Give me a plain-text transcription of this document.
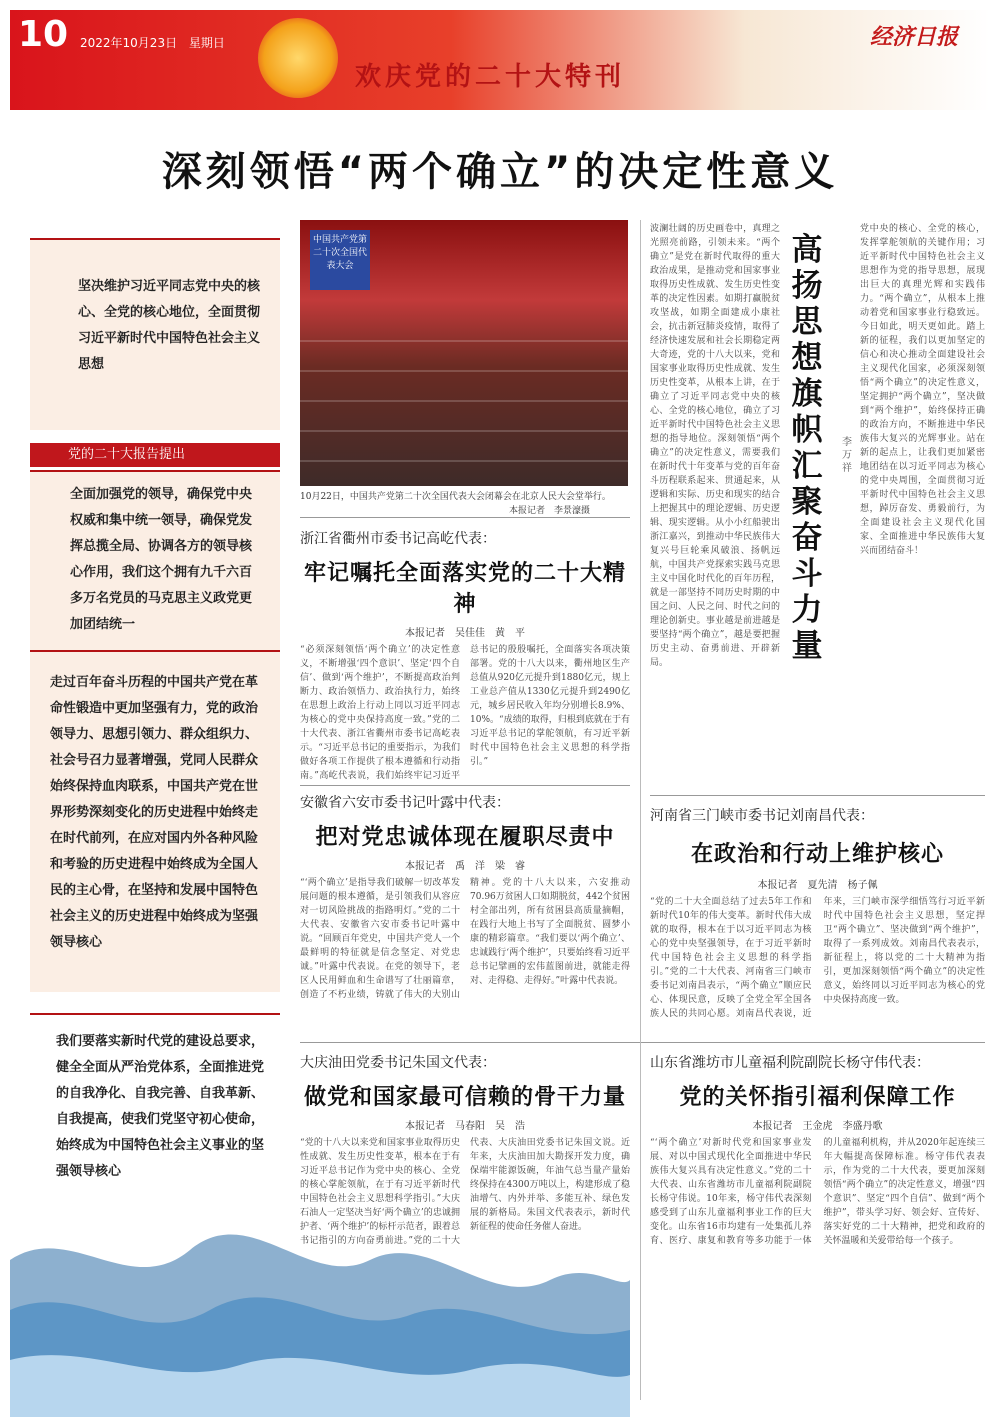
10 2022年10月23日 星期日	经济日报
欢庆党的二十大特刊
深刻领悟“两个确立”的决定性意义
坚决维护习近平同志党中央的核心、全党的核心地位，全面贯彻习近平新时代中国特色社会主义思想
党的二十大报告提出
全面加强党的领导，确保党中央权威和集中统一领导，确保党发挥总揽全局、协调各方的领导核心作用，我们这个拥有九千六百多万名党员的马克思主义政党更加团结统一
走过百年奋斗历程的中国共产党在革命性锻造中更加坚强有力，党的政治领导力、思想引领力、群众组织力、社会号召力显著增强，党同人民群众始终保持血肉联系，中国共产党在世界形势深刻变化的历史进程中始终走在时代前列，在应对国内外各种风险和考验的历史进程中始终成为全国人民的主心骨，在坚持和发展中国特色社会主义的历史进程中始终成为坚强领导核心
我们要落实新时代党的建设总要求，健全全面从严治党体系，全面推进党的自我净化、自我完善、自我革新、自我提高，使我们党坚守初心使命，始终成为中国特色社会主义事业的坚强领导核心
中国共产党第二十次全国代表大会
10月22日，中国共产党第二十次全国代表大会闭幕会在北京人民大会堂举行。
本报记者　李景濠摄
波澜壮阔的历史画卷中，真理之光照亮前路，引领未来。“两个确立”是党在新时代取得的重大政治成果，是推动党和国家事业取得历史性成就、发生历史性变革的决定性因素。如期打赢脱贫攻坚战，如期全面建成小康社会，抗击新冠肺炎疫情，取得了经济快速发展和社会长期稳定两大奇迹，党的十八大以来，党和国家事业取得历史性成就、发生历史性变革，从根本上讲，在于确立了习近平同志党中央的核心、全党的核心地位，确立了习近平新时代中国特色社会主义思想的指导地位。深刻领悟“两个确立”的决定性意义，需要我们在新时代十年变革与党的百年奋斗历程联系起来、贯通起来，从逻辑和实际、历史和现实的结合上把握其中的理论逻辑、历史逻辑、现实逻辑。从小小红船驶出浙江嘉兴，到推动中华民族伟大复兴号巨轮乘风破浪、扬帆远航，中国共产党探索实践马克思主义中国化时代化的百年历程，就是一部坚持不同历史时期的中国之问、人民之问、时代之问的理论创新史。事业越是前进越是要坚持“两个确立”，越是要把握历史主动、奋勇前进、开辟新局。
高扬思想旗帜 汇聚奋斗力量
李万祥
党中央的核心、全党的核心，发挥掌舵领航的关键作用；习近平新时代中国特色社会主义思想作为党的指导思想，展现出巨大的真理光辉和实践伟力。“两个确立”，从根本上推动着党和国家事业行稳致远。今日如此，明天更如此。踏上新的征程，我们以更加坚定的信心和决心推动全面建设社会主义现代化国家，必须深刻领悟“两个确立”的决定性意义，坚定拥护“两个确立”，坚决做到“两个维护”，始终保持正确的政治方向，不断推进中华民族伟大复兴的光辉事业。站在新的起点上，让我们更加紧密地团结在以习近平同志为核心的党中央周围，全面贯彻习近平新时代中国特色社会主义思想，踔厉奋发、勇毅前行，为全面建设社会主义现代化国家、全面推进中华民族伟大复兴而团结奋斗！
浙江省衢州市委书记高屹代表：
牢记嘱托全面落实党的二十大精神
本报记者　吴佳佳　黄　平
“必须深刻领悟‘两个确立’的决定性意义，不断增强‘四个意识’、坚定‘四个自信’、做到‘两个维护’，不断提高政治判断力、政治领悟力、政治执行力，始终在思想上政治上行动上同以习近平同志为核心的党中央保持高度一致。”党的二十大代表、浙江省衢州市委书记高屹表示。“习近平总书记的重要指示，为我们做好各项工作提供了根本遵循和行动指南。”高屹代表说，我们始终牢记习近平总书记的殷殷嘱托，全面落实各项决策部署。党的十八大以来，衢州地区生产总值从920亿元提升到1880亿元，规上工业总产值从1330亿元提升到2490亿元，城乡居民收入年均分别增长8.9%、10%。“成绩的取得，归根到底就在于有习近平总书记的掌舵领航，有习近平新时代中国特色社会主义思想的科学指引。”
安徽省六安市委书记叶露中代表：
把对党忠诚体现在履职尽责中
本报记者　禹　洋　梁　睿
“‘两个确立’是指导我们破解一切改革发展问题的根本遵循，是引领我们从容应对一切风险挑战的指路明灯。”党的二十大代表、安徽省六安市委书记叶露中说。“回顾百年党史，中国共产党人一个最鲜明的特征就是信念坚定、对党忠诚。”叶露中代表说。在党的领导下，老区人民用鲜血和生命谱写了壮丽篇章，创造了不朽业绩，铸就了伟大的大别山精神。党的十八大以来，六安推动70.96万贫困人口如期脱贫，442个贫困村全部出列，所有贫困县高质量摘帽，在践行大地上书写了全面脱贫、圆梦小康的精彩篇章。“我们要以‘两个确立’、忠诚践行‘两个维护’，只要始终看习近平总书记擘画的宏伟蓝图前进，就能走得对、走得稳、走得好。”叶露中代表说。
河南省三门峡市委书记刘南昌代表：
在政治和行动上维护核心
本报记者　夏先清　杨子佩
“党的二十大全面总结了过去5年工作和新时代10年的伟大变革。新时代伟大成就的取得，根本在于以习近平同志为核心的党中央坚强领导，在于习近平新时代中国特色社会主义思想的科学指引。”党的二十大代表、河南省三门峡市委书记刘南昌表示，“两个确立”顺应民心、体现民意，反映了全党全军全国各族人民的共同心愿。刘南昌代表说，近年来，三门峡市深学细悟笃行习近平新时代中国特色社会主义思想，坚定捍卫“两个确立”、坚决做到“两个维护”，取得了一系列成效。刘南昌代表表示，新征程上，将以党的二十大精神为指引，更加深刻领悟“两个确立”的决定性意义，始终同以习近平同志为核心的党中央保持高度一致。
大庆油田党委书记朱国文代表：
做党和国家最可信赖的骨干力量
本报记者　马春阳　吴　浩
“党的十八大以来党和国家事业取得历史性成就、发生历史性变革，根本在于有习近平总书记作为党中央的核心、全党的核心掌舵领航，在于有习近平新时代中国特色社会主义思想科学指引。”大庆石油人一定坚决当好‘两个确立’的忠诚拥护者、‘两个维护’的标杆示范者，跟着总书记指引的方向奋勇前进。”党的二十大代表、大庆油田党委书记朱国文说。近年来，大庆油田加大勘探开发力度，确保端牢能源饭碗，年油气总当量产量始终保持在4300万吨以上，构建形成了稳油增气、内外并举、多能互补、绿色发展的新格局。朱国文代表表示，新时代新征程的使命任务催人奋进。
山东省潍坊市儿童福利院副院长杨守伟代表：
党的关怀指引福利保障工作
本报记者　王金虎　李盛丹歌
“‘两个确立’对新时代党和国家事业发展、对以中国式现代化全面推进中华民族伟大复兴具有决定性意义。”党的二十大代表、山东省潍坊市儿童福利院副院长杨守伟说。10年来，杨守伟代表深刻感受到了山东儿童福利事业工作的巨大变化。山东省16市均建有一处集孤儿养育、医疗、康复和教育等多功能于一体的儿童福利机构，并从2020年起连续三年大幅提高保障标准。杨守伟代表表示，作为党的二十大代表，要更加深刻领悟“两个确立”的决定性意义，增强“四个意识”、坚定“四个自信”、做到“两个维护”，带头学习好、领会好、宣传好、落实好党的二十大精神，把党和政府的关怀温暖和关爱带给每一个孩子。
